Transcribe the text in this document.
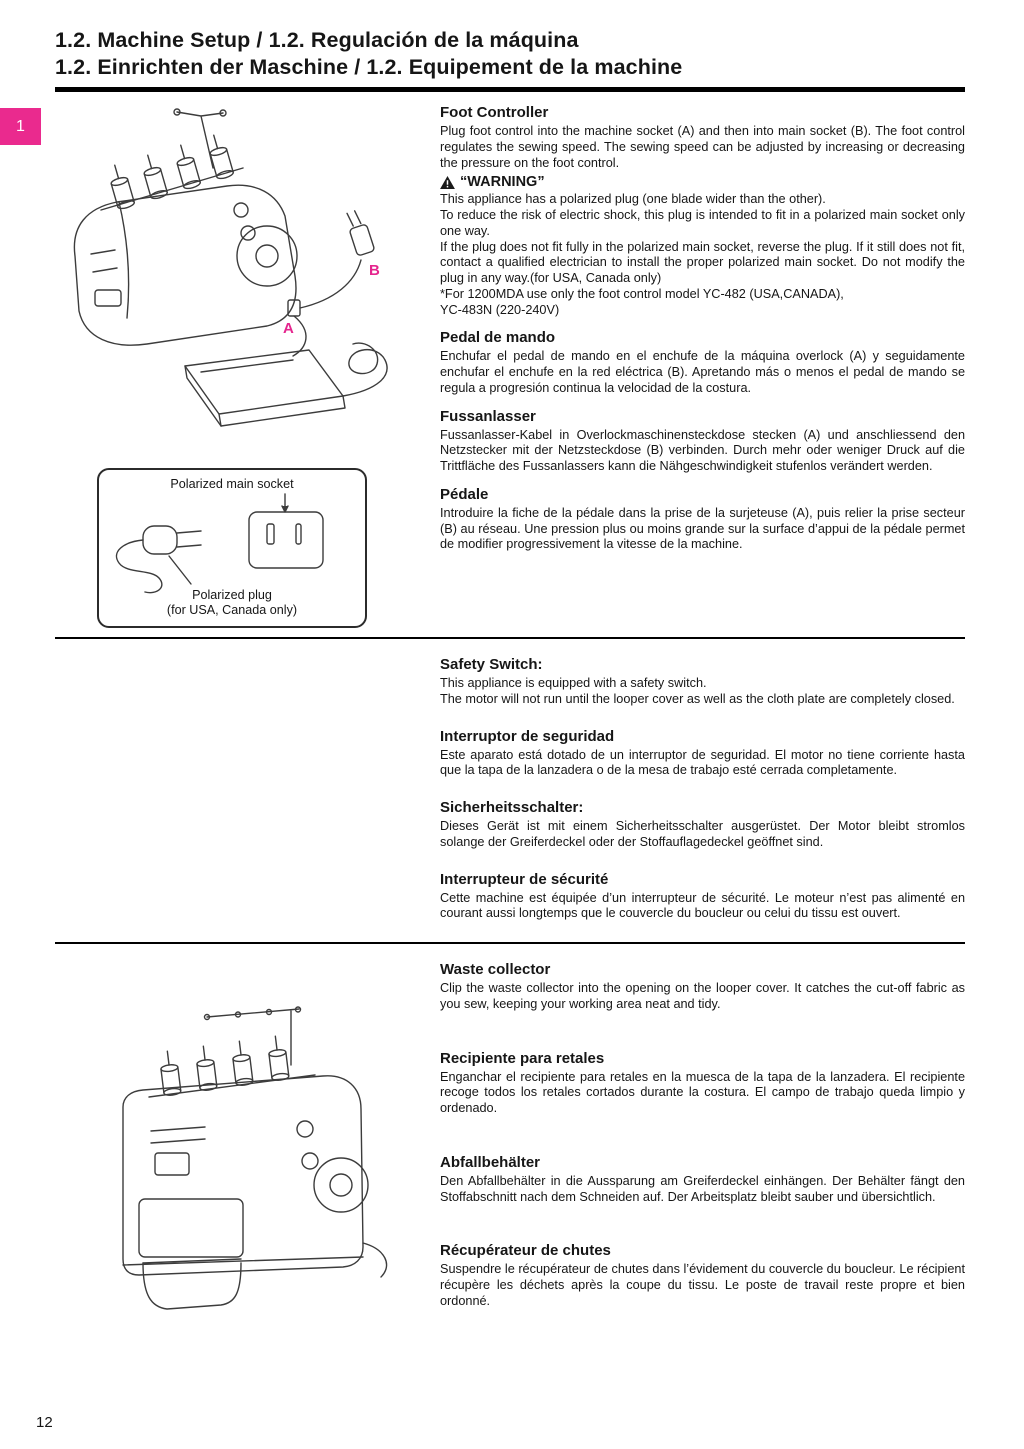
1
1.2. Machine Setup / 1.2. Regulación de la máquina
1.2. Einrichten der Maschine / 1.2. Equipement de la machine
A
B
Polarized main socket
Polarized plug
(for USA, Canada only)
Foot Controller

Plug foot control into the machine socket (A) and then into main socket (B). The foot control regulates the sewing speed. The sewing speed can be adjusted by increasing or decreasing the pressure on the foot control.

“WARNING”

This appliance has a polarized plug (one blade wider than the other).

To reduce the risk of electric shock, this plug is intended to fit in a polarized main socket only one way.

If the plug does not fit fully in the polarized main socket, reverse the plug. If it still does not fit, contact a qualified electrician to install the proper polarized main socket. Do not modify the plug in any way.(for USA, Canada only)

*For 1200MDA use only the foot control model YC-482 (USA,CANADA),

YC-483N (220-240V)

Pedal de mando

Enchufar el pedal de mando en el enchufe de la máquina overlock (A) y seguidamente enchufar el enchufe en la red eléctrica (B). Apretando más o menos el pedal de mando se regula a progresión continua la velocidad de la costura.

Fussanlasser

Fussanlasser-Kabel in Overlockmaschinensteckdose stecken (A) und anschliessend den Netzstecker mit der Netzsteckdose (B) verbinden. Durch mehr oder weniger Druck auf die Trittfläche des Fussanlassers kann die Nähgeschwindigkeit stufenlos verändert werden.

Pédale

Introduire la fiche de la pédale dans la prise de la surjeteuse (A), puis relier la prise secteur (B) au réseau. Une pression plus ou moins grande sur la surface d’appui de la pédale permet de modifier progressivement la vitesse de la machine.

Safety Switch:

This appliance is equipped with a safety switch.

The motor will not run until the looper cover as well as the cloth plate are completely closed.

Interruptor de seguridad

Este aparato está dotado de un interruptor de seguridad. El motor no tiene corriente hasta que la tapa de la lanzadera o de la mesa de trabajo esté cerrada completamente.

Sicherheitsschalter:

Dieses Gerät ist mit einem Sicherheitsschalter ausgerüstet. Der Motor bleibt stromlos solange der Greiferdeckel oder der Stoffauflagedeckel geöffnet sind.

Interrupteur de sécurité

Cette machine est équipée d’un interrupteur de sécurité. Le moteur n’est pas alimenté en courant aussi longtemps que le couvercle du boucleur ou celui du tissu est ouvert.

Waste collector

Clip the waste collector into the opening on the looper cover. It catches the cut-off fabric as you sew, keeping your working area neat and tidy.

Recipiente para retales

Enganchar el recipiente para retales en la muesca de la tapa de la lanzadera. El recipiente recoge todos los retales cortados durante la costura. El campo de trabajo queda limpio y ordenado.

Abfallbehälter

Den Abfallbehälter in die Aussparung am Greiferdeckel einhängen. Der Behälter fängt den Stoffabschnitt nach dem Schneiden auf. Der Arbeitsplatz bleibt sauber und übersichtlich.

Récupérateur de chutes

Suspendre le récupérateur de chutes dans l’évidement du couvercle du boucleur. Le récipient récupère les déchets après la coupe du tissu. Le poste de travail reste propre et bien ordonné.

12
